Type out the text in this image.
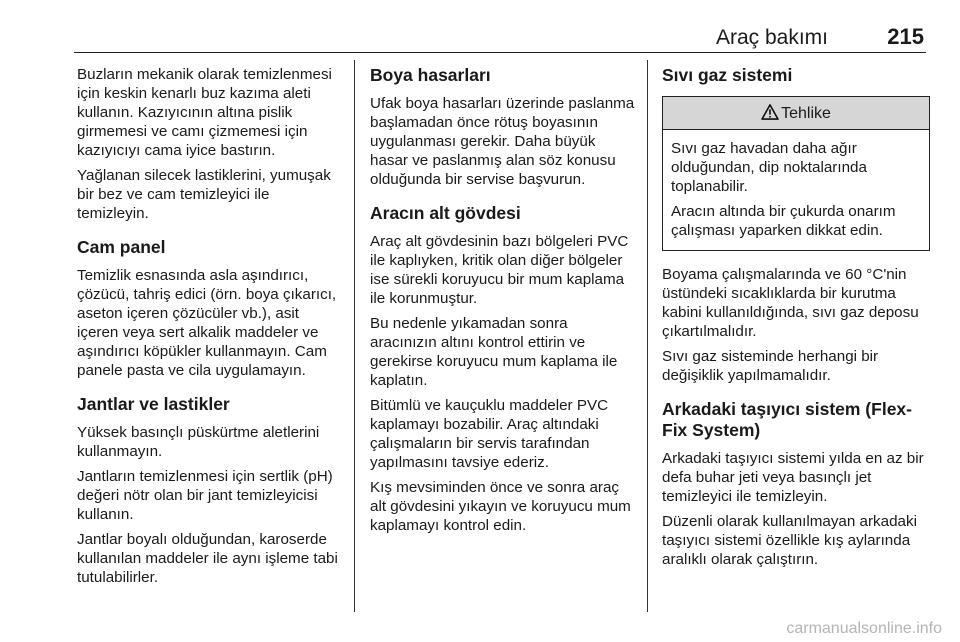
Araç bakımı	215

Buzların mekanik olarak temizlenmesi için keskin kenarlı buz kazıma aleti kullanın. Kazıyıcının altına pislik girmemesi ve camı çizmemesi için kazıyıcıyı cama iyice bastırın.

Yağlanan silecek lastiklerini, yumuşak bir bez ve cam temizleyici ile temizleyin.

Cam panel

Temizlik esnasında asla aşındırıcı, çözücü, tahriş edici (örn. boya çıkarıcı, aseton içeren çözücüler vb.), asit içeren veya sert alkalik maddeler ve aşındırıcı köpükler kullanmayın. Cam panele pasta ve cila uygulamayın.

Jantlar ve lastikler

Yüksek basınçlı püskürtme aletlerini kullanmayın.

Jantların temizlenmesi için sertlik (pH) değeri nötr olan bir jant temizleyicisi kullanın.

Jantlar boyalı olduğundan, karoserde kullanılan maddeler ile aynı işleme tabi tutulabilirler.

Boya hasarları

Ufak boya hasarları üzerinde paslanma başlamadan önce rötuş boyasının uygulanması gerekir. Daha büyük hasar ve paslanmış alan söz konusu olduğunda bir servise başvurun.

Aracın alt gövdesi

Araç alt gövdesinin bazı bölgeleri PVC ile kaplıyken, kritik olan diğer bölgeler ise sürekli koruyucu bir mum kaplama ile korunmuştur.

Bu nedenle yıkamadan sonra aracınızın altını kontrol ettirin ve gerekirse koruyucu mum kaplama ile kaplatın.

Bitümlü ve kauçuklu maddeler PVC kaplamayı bozabilir. Araç altındaki çalışmaların bir servis tarafından yapılmasını tavsiye ederiz.

Kış mevsiminden önce ve sonra araç alt gövdesini yıkayın ve koruyucu mum kaplamayı kontrol edin.

Sıvı gaz sistemi
Tehlike

Sıvı gaz havadan daha ağır olduğundan, dip noktalarında toplanabilir.

Aracın altında bir çukurda onarım çalışması yaparken dikkat edin.

Boyama çalışmalarında ve 60 °C'nin üstündeki sıcaklıklarda bir kurutma kabini kullanıldığında, sıvı gaz deposu çıkartılmalıdır.

Sıvı gaz sisteminde herhangi bir değişiklik yapılmamalıdır.

Arkadaki taşıyıcı sistem (Flex-Fix System)

Arkadaki taşıyıcı sistemi yılda en az bir defa buhar jeti veya basınçlı jet temizleyici ile temizleyin.

Düzenli olarak kullanılmayan arkadaki taşıyıcı sistemi özellikle kış aylarında aralıklı olarak çalıştırın.

carmanualsonline.info
